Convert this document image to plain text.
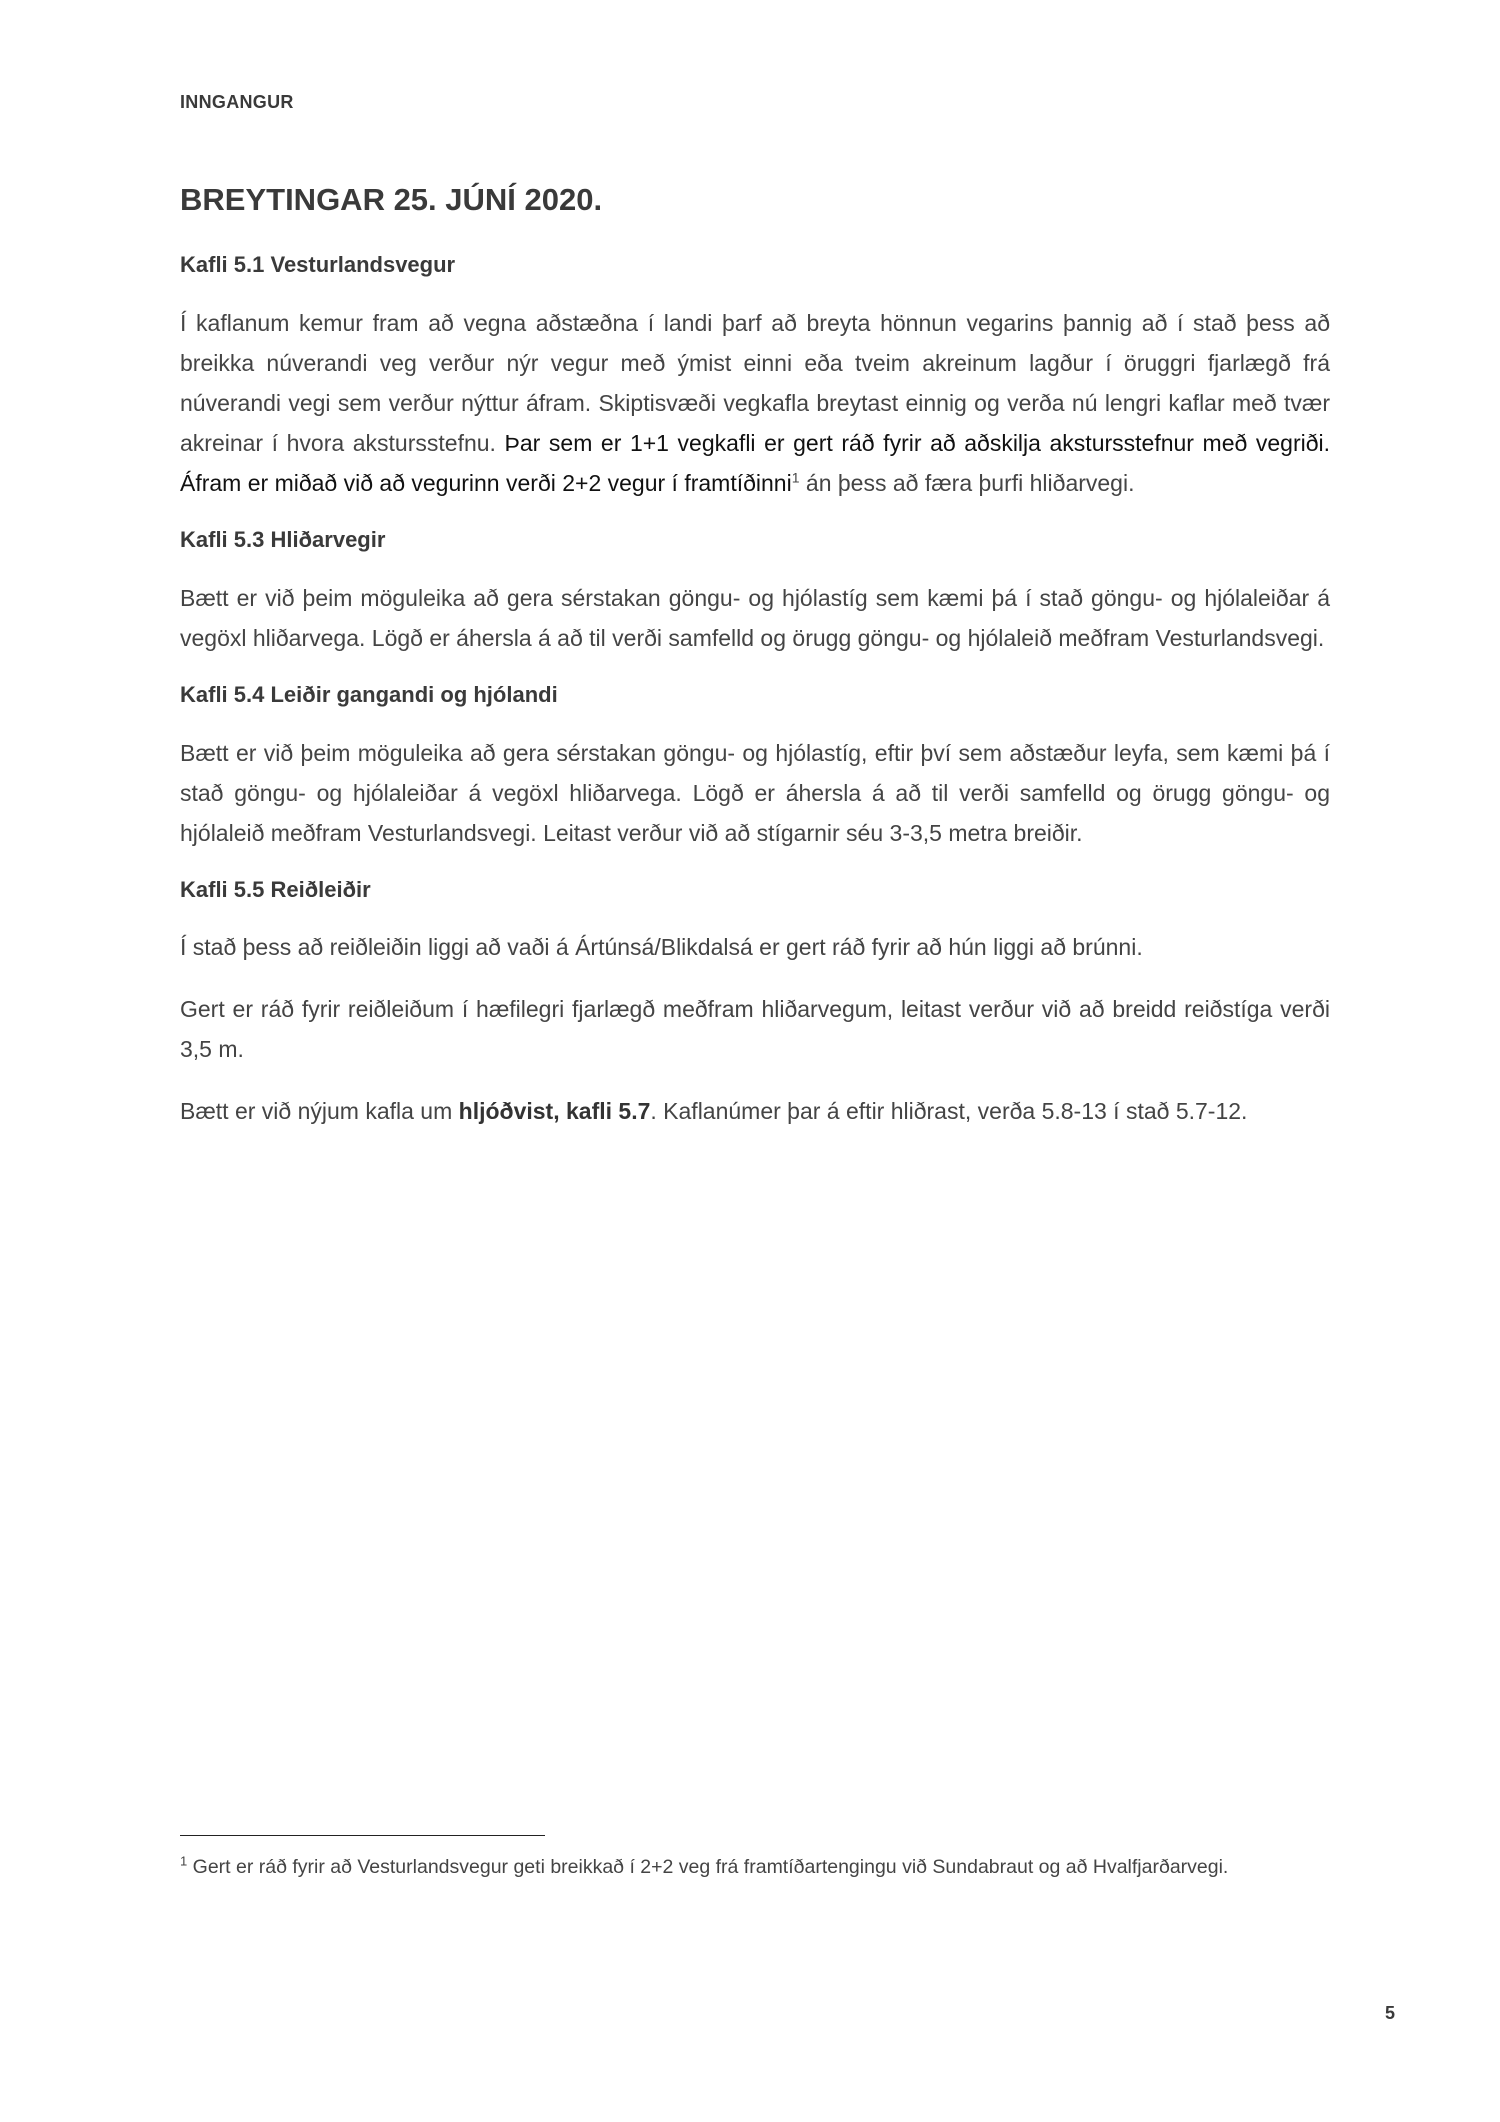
INNGANGUR
BREYTINGAR 25. JÚNÍ 2020.
Kafli 5.1 Vesturlandsvegur

Í kaflanum kemur fram að vegna aðstæðna í landi þarf að breyta hönnun vegarins þannig að í stað þess að breikka núverandi veg verður nýr vegur með ýmist einni eða tveim akreinum lagður í öruggri fjarlægð frá núverandi vegi sem verður nýttur áfram. Skiptisvæði vegkafla breytast einnig og verða nú lengri kaflar með tvær akreinar í hvora akstursstefnu. Þar sem er 1+1 vegkafli er gert ráð fyrir að aðskilja akstursstefnur með vegriði. Áfram er miðað við að vegurinn verði 2+2 vegur í framtíðinni$^1$ án þess að færa þurfi hliðarvegi.

Kafli 5.3 Hliðarvegir

Bætt er við þeim möguleika að gera sérstakan göngu- og hjólastíg sem kæmi þá í stað göngu- og hjólaleiðar á vegöxl hliðarvega. Lögð er áhersla á að til verði samfelld og örugg göngu- og hjólaleið meðfram Vesturlandsvegi.

Kafli 5.4 Leiðir gangandi og hjólandi

Bætt er við þeim möguleika að gera sérstakan göngu- og hjólastíg, eftir því sem aðstæður leyfa, sem kæmi þá í stað göngu- og hjólaleiðar á vegöxl hliðarvega. Lögð er áhersla á að til verði samfelld og örugg göngu- og hjólaleið meðfram Vesturlandsvegi. Leitast verður við að stígarnir séu 3-3,5 metra breiðir.

Kafli 5.5 Reiðleiðir

Í stað þess að reiðleiðin liggi að vaði á Ártúnsá/Blikdalsá er gert ráð fyrir að hún liggi að brúnni.

Gert er ráð fyrir reiðleiðum í hæfilegri fjarlægð meðfram hliðarvegum, leitast verður við að breidd reiðstíga verði 3,5 m.

Bætt er við nýjum kafla um hljóðvist, kafli 5.7. Kaflanúmer þar á eftir hliðrast, verða 5.8-13 í stað 5.7-12.

$^1$ Gert er ráð fyrir að Vesturlandsvegur geti breikkað í 2+2 veg frá framtíðartengingu við Sundabraut og að Hvalfjarðarvegi.

5
